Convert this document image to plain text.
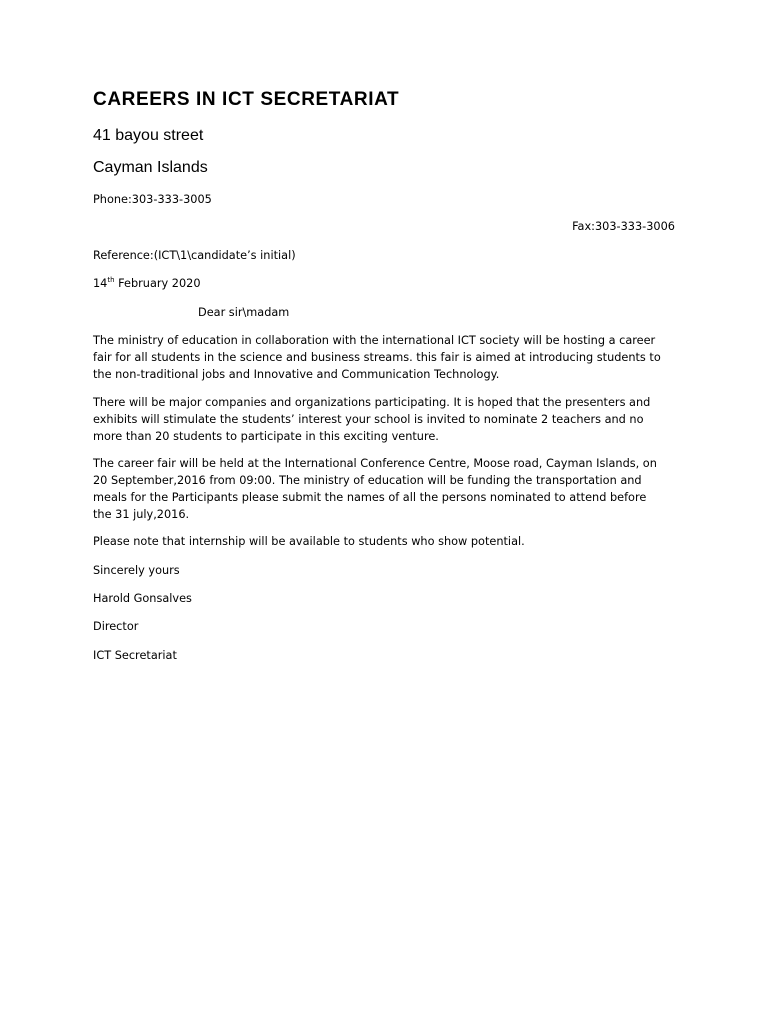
CAREERS IN ICT SECRETARIAT
41 bayou street
Cayman Islands
Phone:303-333-3005
Fax:303-333-3006
Reference:(ICT\1\candidate’s initial)
14th February 2020
Dear sir\madam

The ministry of education in collaboration with the international ICT society will be hosting a career
fair for all students in the science and business streams. this fair is aimed at introducing students to
the non-traditional jobs and Innovative and Communication Technology.

There will be major companies and organizations participating. It is hoped that the presenters and
exhibits will stimulate the students’ interest your school is invited to nominate 2 teachers and no
more than 20 students to participate in this exciting venture.

The career fair will be held at the International Conference Centre, Moose road, Cayman Islands, on
20 September,2016 from 09:00. The ministry of education will be funding the transportation and
meals for the Participants please submit the names of all the persons nominated to attend before
the 31 july,2016.

Please note that internship will be available to students who show potential.

Sincerely yours
Harold Gonsalves
Director
ICT Secretariat
